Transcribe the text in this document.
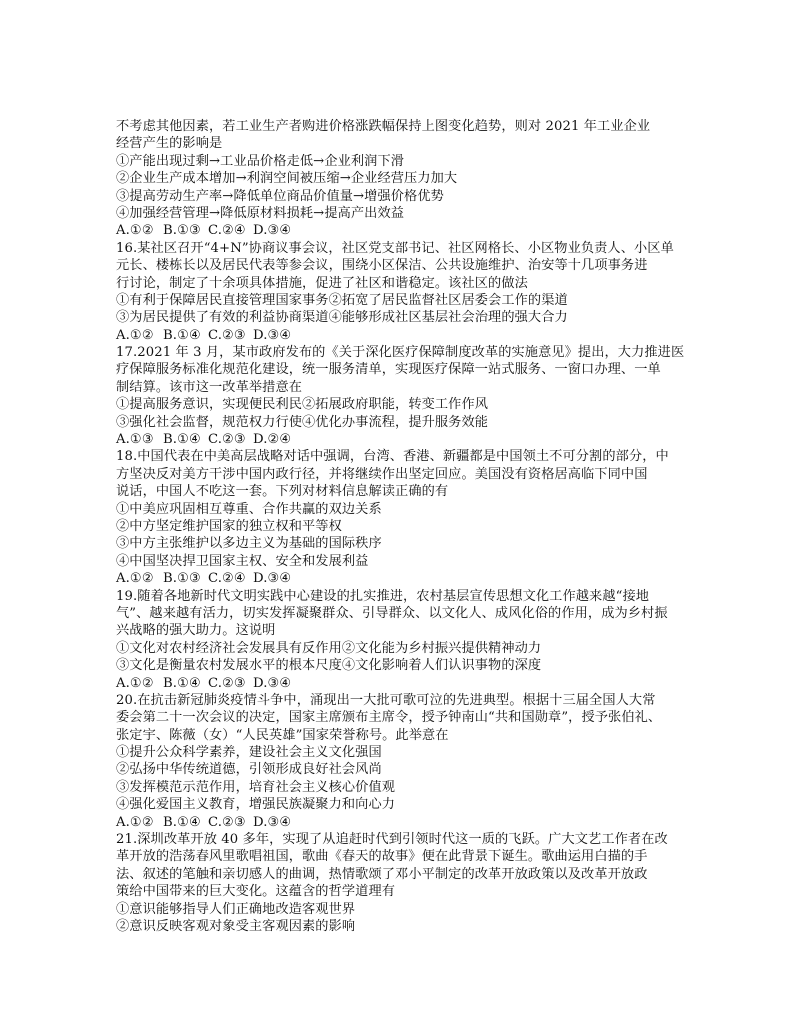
不考虑其他因素，若工业生产者购进价格涨跌幅保持上图变化趋势，则对 2021 年工业企业
经营产生的影响是
①产能出现过剩→工业品价格走低→企业利润下滑
②企业生产成本增加→利润空间被压缩→企业经营压力加大
③提高劳动生产率→降低单位商品价值量→增强价格优势
④加强经营管理→降低原材料损耗→提高产出效益
A.①② B.①③ C.②④ D.③④
16.某社区召开“4+N”协商议事会议，社区党支部书记、社区网格长、小区物业负责人、小区单
元长、楼栋长以及居民代表等参会议，围绕小区保洁、公共设施维护、治安等十几项事务进
行讨论，制定了十余项具体措施，促进了社区和谐稳定。该社区的做法
①有利于保障居民直接管理国家事务②拓宽了居民监督社区居委会工作的渠道
③为居民提供了有效的利益协商渠道④能够形成社区基层社会治理的强大合力
A.①② B.①④ C.②③ D.③④
17.2021 年 3 月，某市政府发布的《关于深化医疗保障制度改革的实施意见》提出，大力推进医
疗保障服务标准化规范化建设，统一服务清单，实现医疗保障一站式服务、一窗口办理、一单
制结算。该市这一改革举措意在
①提高服务意识，实现便民利民②拓展政府职能，转变工作作风
③强化社会监督，规范权力行使④优化办事流程，提升服务效能
A.①③ B.①④ C.②③ D.②④
18.中国代表在中美高层战略对话中强调，台湾、香港、新疆都是中国领土不可分割的部分，中
方坚决反对美方干涉中国内政行径，并将继续作出坚定回应。美国没有资格居高临下同中国
说话，中国人不吃这一套。下列对材料信息解读正确的有
①中美应巩固相互尊重、合作共赢的双边关系
②中方坚定维护国家的独立权和平等权
③中方主张维护以多边主义为基础的国际秩序
④中国坚决捍卫国家主权、安全和发展利益
A.①② B.①③ C.②④ D.③④
19.随着各地新时代文明实践中心建设的扎实推进，农村基层宣传思想文化工作越来越“接地
气”、越来越有活力，切实发挥凝聚群众、引导群众、以文化人、成风化俗的作用，成为乡村振
兴战略的强大助力。这说明
①文化对农村经济社会发展具有反作用②文化能为乡村振兴提供精神动力
③文化是衡量农村发展水平的根本尺度④文化影响着人们认识事物的深度
A.①② B.①④ C.②③ D.③④
20.在抗击新冠肺炎疫情斗争中，涌现出一大批可歌可泣的先进典型。根据十三届全国人大常
委会第二十一次会议的决定，国家主席颁布主席令，授予钟南山“共和国勋章”，授予张伯礼、
张定宇、陈薇（女）“人民英雄”国家荣誉称号。此举意在
①提升公众科学素养，建设社会主义文化强国
②弘扬中华传统道德，引领形成良好社会风尚
③发挥模范示范作用，培育社会主义核心价值观
④强化爱国主义教育，增强民族凝聚力和向心力
A.①② B.①④ C.②③ D.③④
21.深圳改革开放 40 多年，实现了从追赶时代到引领时代这一质的飞跃。广大文艺工作者在改
革开放的浩荡春风里歌唱祖国，歌曲《春天的故事》便在此背景下诞生。歌曲运用白描的手
法、叙述的笔触和亲切感人的曲调，热情歌颂了邓小平制定的改革开放政策以及改革开放政
策给中国带来的巨大变化。这蕴含的哲学道理有
①意识能够指导人们正确地改造客观世界
②意识反映客观对象受主客观因素的影响
